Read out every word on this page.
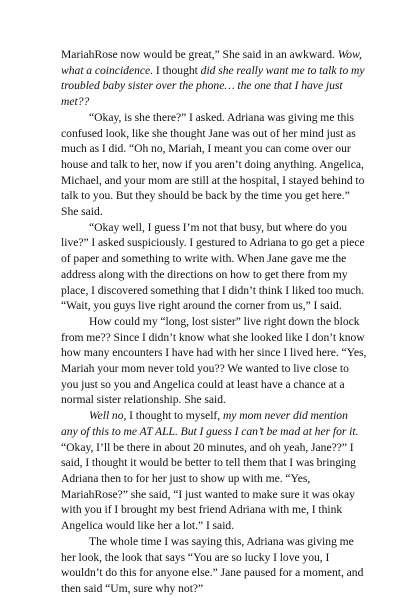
MariahRose now would be great,” She said in an awkward. Wow, what a coincidence. I thought did she really want me to talk to my troubled baby sister over the phone… the one that I have just met??

“Okay, is she there?” I asked. Adriana was giving me this confused look, like she thought Jane was out of her mind just as much as I did. “Oh no, Mariah, I meant you can come over our house and talk to her, now if you aren’t doing anything. Angelica, Michael, and your mom are still at the hospital, I stayed behind to talk to you. But they should be back by the time you get here.” She said.

“Okay well, I guess I’m not that busy, but where do you live?” I asked suspiciously. I gestured to Adriana to go get a piece of paper and something to write with. When Jane gave me the address along with the directions on how to get there from my place, I discovered something that I didn’t think I liked too much. “Wait, you guys live right around the corner from us,” I said.

How could my “long, lost sister” live right down the block from me?? Since I didn’t know what she looked like I don’t know how many encounters I have had with her since I lived here. “Yes, Mariah your mom never told you?? We wanted to live close to you just so you and Angelica could at least have a chance at a normal sister relationship. She said.

Well no, I thought to myself, my mom never did mention any of this to me AT ALL. But I guess I can’t be mad at her for it. “Okay, I’ll be there in about 20 minutes, and oh yeah, Jane??” I said, I thought it would be better to tell them that I was bringing Adriana then to for her just to show up with me. “Yes, MariahRose?” she said, “I just wanted to make sure it was okay with you if I brought my best friend Adriana with me, I think Angelica would like her a lot.” I said.

The whole time I was saying this, Adriana was giving me her look, the look that says “You are so lucky I love you, I wouldn’t do this for anyone else.” Jane paused for a moment, and then said “Um, sure why not?”
